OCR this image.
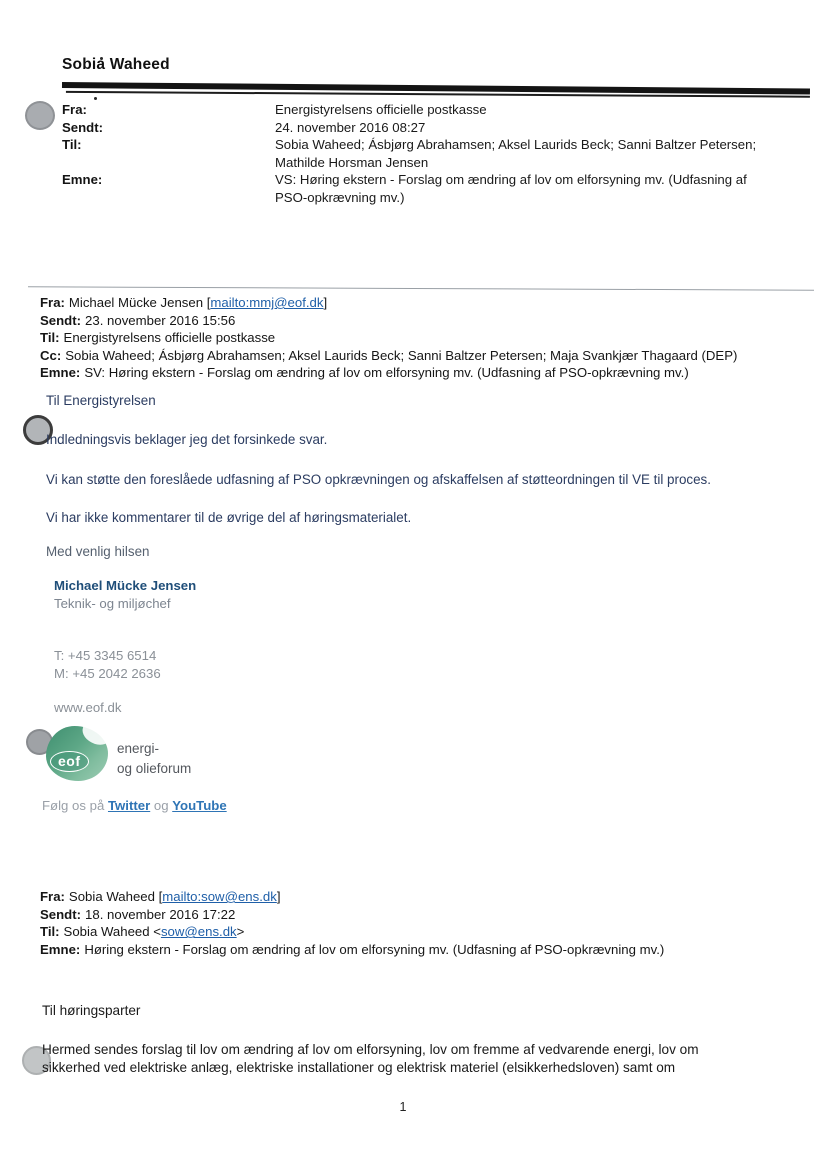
Sobia Waheed
Fra:	Energistyrelsens officielle postkasse
Sendt:	24. november 2016 08:27
Til:	Sobia Waheed; Ásbjørg Abrahamsen; Aksel Laurids Beck; Sanni Baltzer Petersen; Mathilde Horsman Jensen
Emne:	VS: Høring ekstern - Forslag om ændring af lov om elforsyning mv. (Udfasning af PSO-opkrævning mv.)
Fra: Michael Mücke Jensen [mailto:mmj@eof.dk]
Sendt: 23. november 2016 15:56
Til: Energistyrelsens officielle postkasse
Cc: Sobia Waheed; Ásbjørg Abrahamsen; Aksel Laurids Beck; Sanni Baltzer Petersen; Maja Svankjær Thagaard (DEP)
Emne: SV: Høring ekstern - Forslag om ændring af lov om elforsyning mv. (Udfasning af PSO-opkrævning mv.)

Til Energistyrelsen

Indledningsvis beklager jeg det forsinkede svar.

Vi kan støtte den foreslåede udfasning af PSO opkrævningen og afskaffelsen af støtteordningen til VE til proces.

Vi har ikke kommentarer til de øvrige del af høringsmaterialet.

Med venlig hilsen

Michael Mücke Jensen
Teknik- og miljøchef
T: +45 3345 6514
M: +45 2042 2636
www.eof.dk
eof
energi-
og olieforum
Følg os på Twitter og YouTube
Fra: Sobia Waheed [mailto:sow@ens.dk]
Sendt: 18. november 2016 17:22
Til: Sobia Waheed <sow@ens.dk>
Emne: Høring ekstern - Forslag om ændring af lov om elforsyning mv. (Udfasning af PSO-opkrævning mv.)

Til høringsparter

Hermed sendes forslag til lov om ændring af lov om elforsyning, lov om fremme af vedvarende energi, lov om sikkerhed ved elektriske anlæg, elektriske installationer og elektrisk materiel (elsikkerhedsloven) samt om

1
